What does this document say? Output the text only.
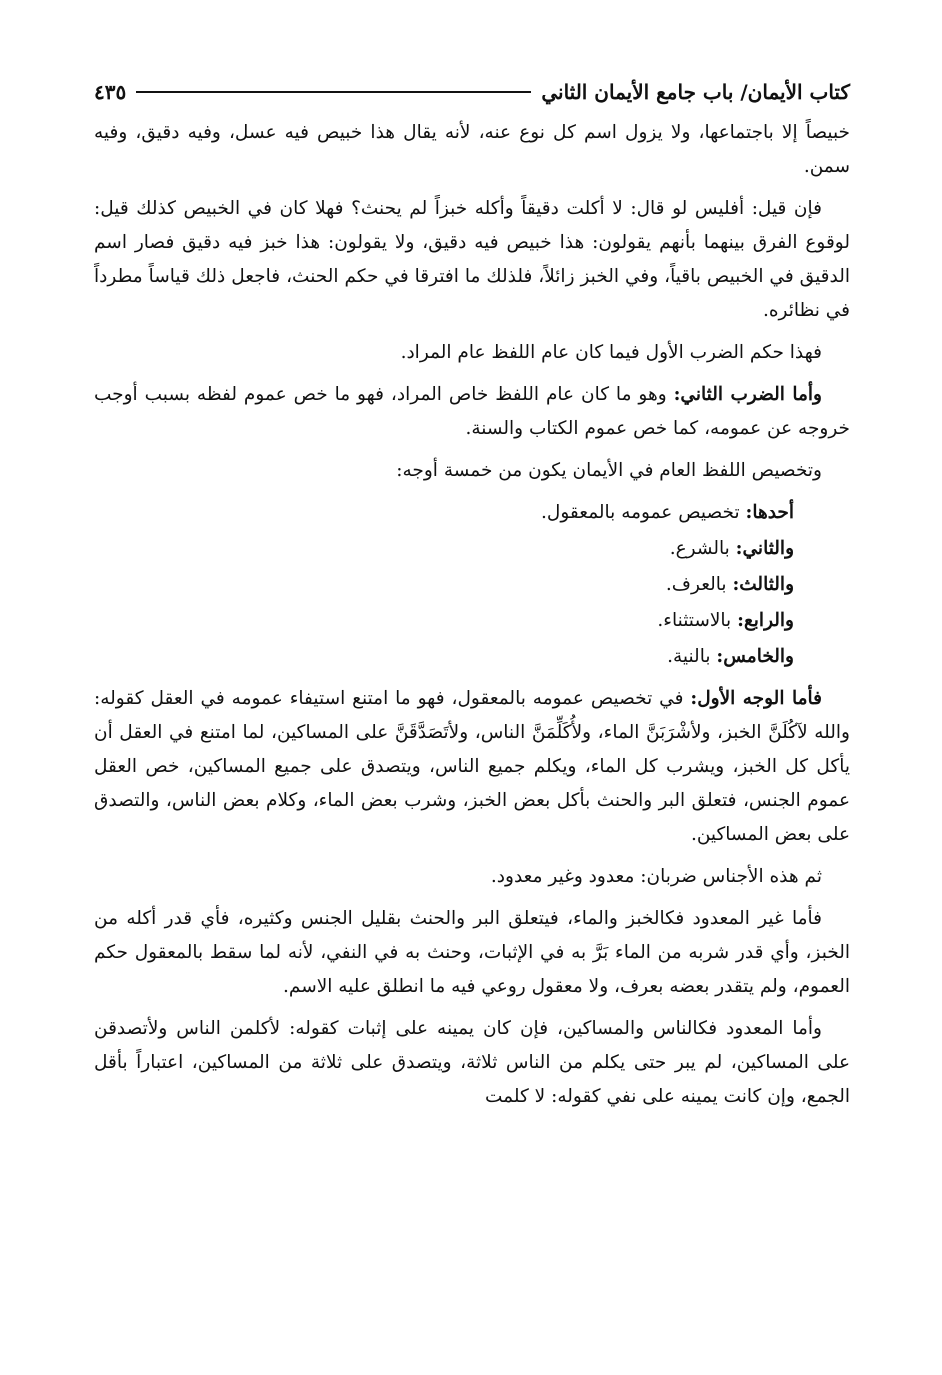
كتاب الأيمان/ باب جامع الأيمان الثاني
٤٣٥

خبيصاً إلا باجتماعها، ولا يزول اسم كل نوع عنه، لأنه يقال هذا خبيص فيه عسل، وفيه دقيق، وفيه سمن.

فإن قيل: أفليس لو قال: لا أكلت دقيقاً وأكله خبزاً لم يحنث؟ فهلا كان في الخبيص كذلك قيل: لوقوع الفرق بينهما بأنهم يقولون: هذا خبيص فيه دقيق، ولا يقولون: هذا خبز فيه دقيق فصار اسم الدقيق في الخبيص باقياً، وفي الخبز زائلاً، فلذلك ما افترقا في حكم الحنث، فاجعل ذلك قياساً مطرداً في نظائره.

فهذا حكم الضرب الأول فيما كان عام اللفظ عام المراد.

وأما الضرب الثاني: وهو ما كان عام اللفظ خاص المراد، فهو ما خص عموم لفظه بسبب أوجب خروجه عن عمومه، كما خص عموم الكتاب والسنة.

وتخصيص اللفظ العام في الأيمان يكون من خمسة أوجه:

أحدها: تخصيص عمومه بالمعقول.

والثاني: بالشرع.

والثالث: بالعرف.

والرابع: بالاستثناء.

والخامس: بالنية.

فأما الوجه الأول: في تخصيص عمومه بالمعقول، فهو ما امتنع استيفاء عمومه في العقل كقوله: والله لآكُلَنَّ الخبز، ولأشْرَبَنَّ الماء، ولأُكَلِّمَنَّ الناس، ولأتَصَدَّقَنَّ على المساكين، لما امتنع في العقل أن يأكل كل الخبز، ويشرب كل الماء، ويكلم جميع الناس، ويتصدق على جميع المساكين، خص العقل عموم الجنس، فتعلق البر والحنث بأكل بعض الخبز، وشرب بعض الماء، وكلام بعض الناس، والتصدق على بعض المساكين.

ثم هذه الأجناس ضربان: معدود وغير معدود.

فأما غير المعدود فكالخبز والماء، فيتعلق البر والحنث بقليل الجنس وكثيره، فأي قدر أكله من الخبز، وأي قدر شربه من الماء بَرَّ به في الإثبات، وحنث به في النفي، لأنه لما سقط بالمعقول حكم العموم، ولم يتقدر بعضه بعرف، ولا معقول روعي فيه ما انطلق عليه الاسم.

وأما المعدود فكالناس والمساكين، فإن كان يمينه على إثبات كقوله: لأكلمن الناس ولأتصدقن على المساكين، لم يبر حتى يكلم من الناس ثلاثة، ويتصدق على ثلاثة من المساكين، اعتباراً بأقل الجمع، وإن كانت يمينه على نفي كقوله: لا كلمت
